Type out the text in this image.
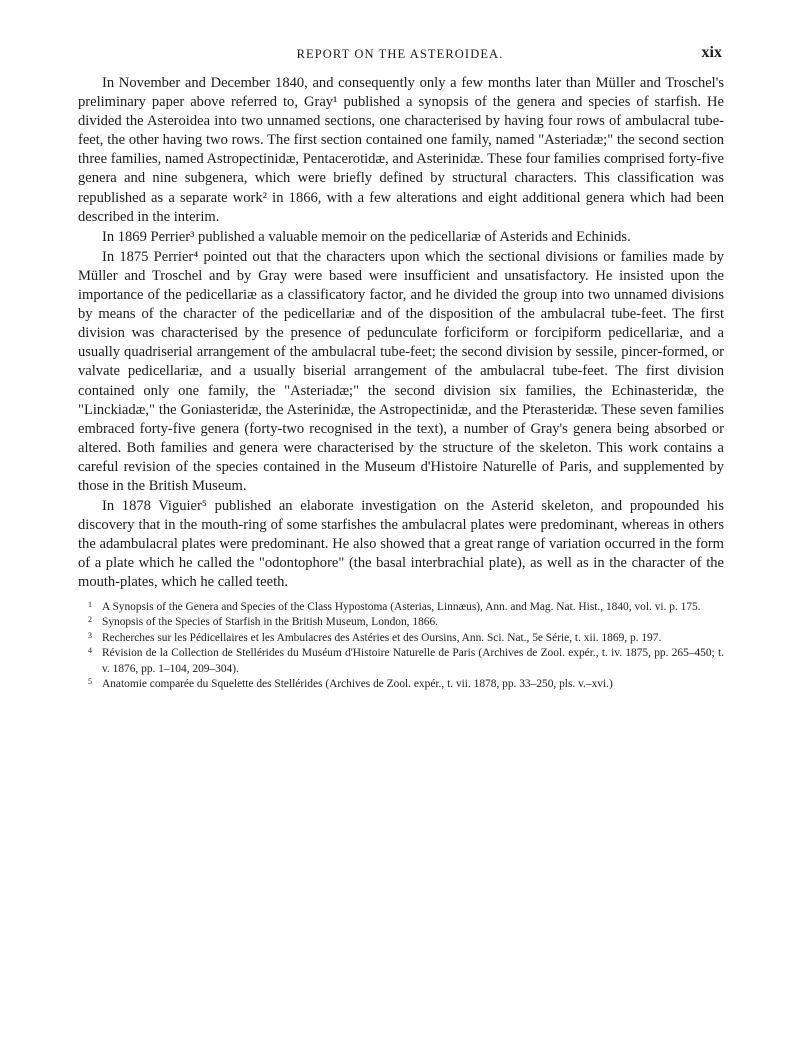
REPORT ON THE ASTEROIDEA.	xix

In November and December 1840, and consequently only a few months later than Müller and Troschel's preliminary paper above referred to, Gray¹ published a synopsis of the genera and species of starfish. He divided the Asteroidea into two unnamed sections, one characterised by having four rows of ambulacral tube-feet, the other having two rows. The first section contained one family, named "Asteriadæ;" the second section three families, named Astropectinidæ, Pentacerotidæ, and Asterinidæ. These four families comprised forty-five genera and nine subgenera, which were briefly defined by structural characters. This classification was republished as a separate work² in 1866, with a few alterations and eight additional genera which had been described in the interim.

In 1869 Perrier³ published a valuable memoir on the pedicellariæ of Asterids and Echinids.

In 1875 Perrier⁴ pointed out that the characters upon which the sectional divisions or families made by Müller and Troschel and by Gray were based were insufficient and unsatisfactory. He insisted upon the importance of the pedicellariæ as a classificatory factor, and he divided the group into two unnamed divisions by means of the character of the pedicellariæ and of the disposition of the ambulacral tube-feet. The first division was characterised by the presence of pedunculate forficiform or forcipiform pedicellariæ, and a usually quadriserial arrangement of the ambulacral tube-feet; the second division by sessile, pincer-formed, or valvate pedicellariæ, and a usually biserial arrangement of the ambulacral tube-feet. The first division contained only one family, the "Asteriadæ;" the second division six families, the Echinasteridæ, the "Linckiadæ," the Goniasteridæ, the Asterinidæ, the Astropectinidæ, and the Pterasteridæ. These seven families embraced forty-five genera (forty-two recognised in the text), a number of Gray's genera being absorbed or altered. Both families and genera were characterised by the structure of the skeleton. This work contains a careful revision of the species contained in the Museum d'Histoire Naturelle of Paris, and supplemented by those in the British Museum.

In 1878 Viguier⁵ published an elaborate investigation on the Asterid skeleton, and propounded his discovery that in the mouth-ring of some starfishes the ambulacral plates were predominant, whereas in others the adambulacral plates were predominant. He also showed that a great range of variation occurred in the form of a plate which he called the "odontophore" (the basal interbrachial plate), as well as in the character of the mouth-plates, which he called teeth.

1 A Synopsis of the Genera and Species of the Class Hypostoma (Asterias, Linnæus), Ann. and Mag. Nat. Hist., 1840, vol. vi. p. 175.

2 Synopsis of the Species of Starfish in the British Museum, London, 1866.

3 Recherches sur les Pédicellaires et les Ambulacres des Astéries et des Oursins, Ann. Sci. Nat., 5e Série, t. xii. 1869, p. 197.

4 Révision de la Collection de Stellérides du Muséum d'Histoire Naturelle de Paris (Archives de Zool. expér., t. iv. 1875, pp. 265–450; t. v. 1876, pp. 1–104, 209–304).

5 Anatomie comparée du Squelette des Stellérides (Archives de Zool. expér., t. vii. 1878, pp. 33–250, pls. v.–xvi.)
